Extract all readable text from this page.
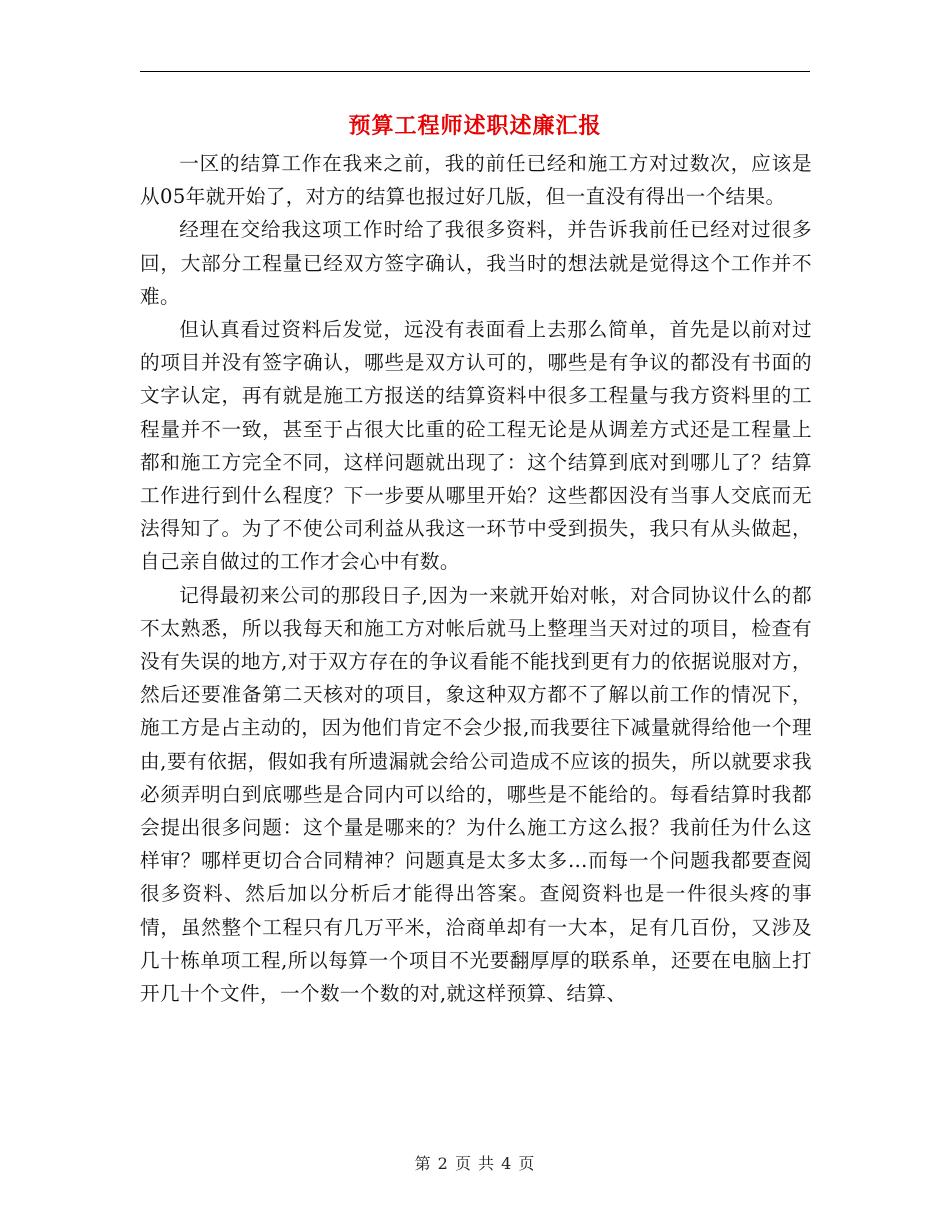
预算工程师述职述廉汇报

一区的结算工作在我来之前，我的前任已经和施工方对过数次，应该是从05年就开始了，对方的结算也报过好几版，但一直没有得出一个结果。

经理在交给我这项工作时给了我很多资料，并告诉我前任已经对过很多回，大部分工程量已经双方签字确认，我当时的想法就是觉得这个工作并不难。

但认真看过资料后发觉，远没有表面看上去那么简单，首先是以前对过的项目并没有签字确认，哪些是双方认可的，哪些是有争议的都没有书面的文字认定，再有就是施工方报送的结算资料中很多工程量与我方资料里的工程量并不一致，甚至于占很大比重的砼工程无论是从调差方式还是工程量上都和施工方完全不同，这样问题就出现了：这个结算到底对到哪儿了？结算工作进行到什么程度？下一步要从哪里开始？这些都因没有当事人交底而无法得知了。为了不使公司利益从我这一环节中受到损失，我只有从头做起，自己亲自做过的工作才会心中有数。

记得最初来公司的那段日子,因为一来就开始对帐，对合同协议什么的都不太熟悉，所以我每天和施工方对帐后就马上整理当天对过的项目，检查有没有失误的地方,对于双方存在的争议看能不能找到更有力的依据说服对方，然后还要准备第二天核对的项目，象这种双方都不了解以前工作的情况下，施工方是占主动的，因为他们肯定不会少报,而我要往下减量就得给他一个理由,要有依据，假如我有所遗漏就会给公司造成不应该的损失，所以就要求我必须弄明白到底哪些是合同内可以给的，哪些是不能给的。每看结算时我都会提出很多问题：这个量是哪来的？为什么施工方这么报？我前任为什么这样审？哪样更切合合同精神？问题真是太多太多…而每一个问题我都要查阅很多资料、然后加以分析后才能得出答案。查阅资料也是一件很头疼的事情，虽然整个工程只有几万平米，洽商单却有一大本，足有几百份，又涉及几十栋单项工程,所以每算一个项目不光要翻厚厚的联系单，还要在电脑上打开几十个文件，一个数一个数的对,就这样预算、结算、

第 2 页 共 4 页
